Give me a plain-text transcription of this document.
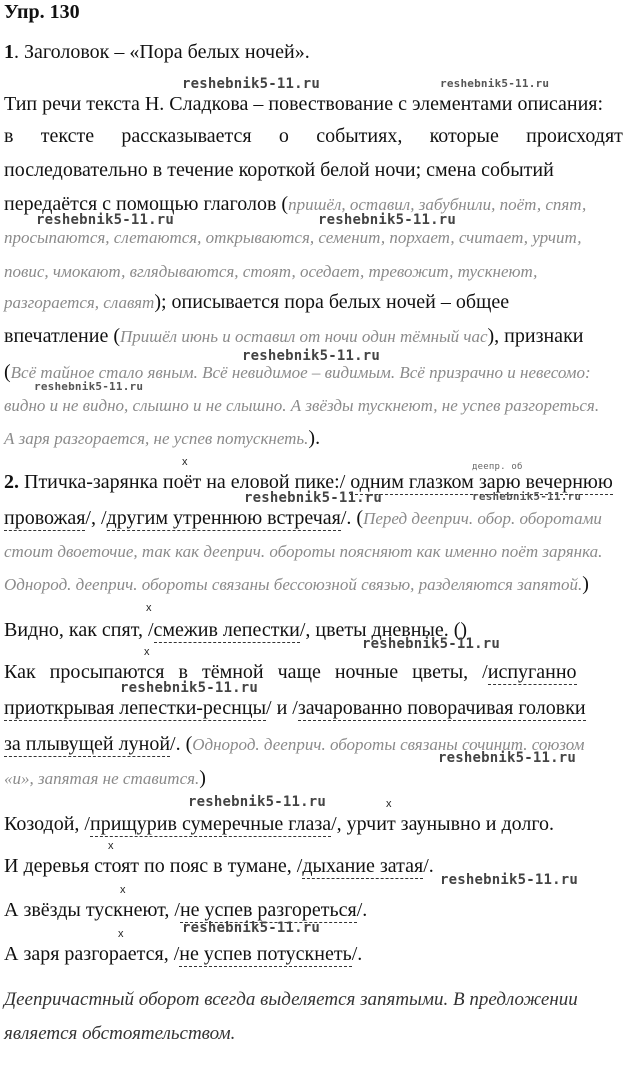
Упр. 130
1. Заголовок – «Пора белых ночей».
Тип речи текста Н. Сладкова – повествование с элементами описания:
в тексте рассказывается о событиях, которые происходят
последовательно в течение короткой белой ночи; смена событий
передаётся с помощью глаголов (пришёл, оставил, забубнили, поёт, спят,
просыпаются, слетаются, открываются, семенит, порхает, считает, урчит,
повис, чмокают, вглядываются, стоят, оседает, тревожит, тускнеют,
разгорается, славят); описывается пора белых ночей – общее
впечатление (Пришёл июнь и оставил от ночи один тёмный час), признаки
(Всё тайное стало явным. Всё невидимое – видимым. Всё призрачно и невесомо:
видно и не видно, слышно и не слышно. А звёзды тускнеют, не успев разгореться.
А заря разгорается, не успев потускнеть.).
2. Птичка-зарянка поёт на еловой пике:/ одним глазком зарю вечернюю
провожая/, /другим утреннюю встречая/. (Перед дееприч. обор. оборотами
стоит двоеточие, так как дееприч. обороты поясняют как именно поёт зарянка.
Однород. дееприч. обороты связаны бессоюзной связью, разделяются запятой.)
Видно, как спят, /смежив лепестки/, цветы дневные. ()
Как просыпаются в тёмной чаще ночные цветы, /испуганно
приоткрывая лепестки-реснцы/ и /зачарованно поворачивая головки
за плывущей луной/. (Однород. дееприч. обороты связаны сочинит. союзом
«и», запятая не ставится.)
Козодой, /прищурив сумеречные глаза/, урчит заунывно и долго.
И деревья стоят по пояс в тумане, /дыхание затая/.
А звёзды тускнеют, /не успев разгореться/.
А заря разгорается, /не успев потускнеть/.
Деепричастный оборот всегда выделяется запятыми. В предложении
является обстоятельством.
reshebnik5-11.ru	reshebnik5-11.ru
reshebnik5-11.ru	reshebnik5-11.ru
reshebnik5-11.ru
reshebnik5-11.ru
деепр. об
reshebnik5-11.ru	reshebnik5-11.ru
reshebnik5-11.ru
reshebnik5-11.ru
reshebnik5-11.ru
reshebnik5-11.ru
reshebnik5-11.ru
reshebnik5-11.ru
x
x
x
x
x
x
x
